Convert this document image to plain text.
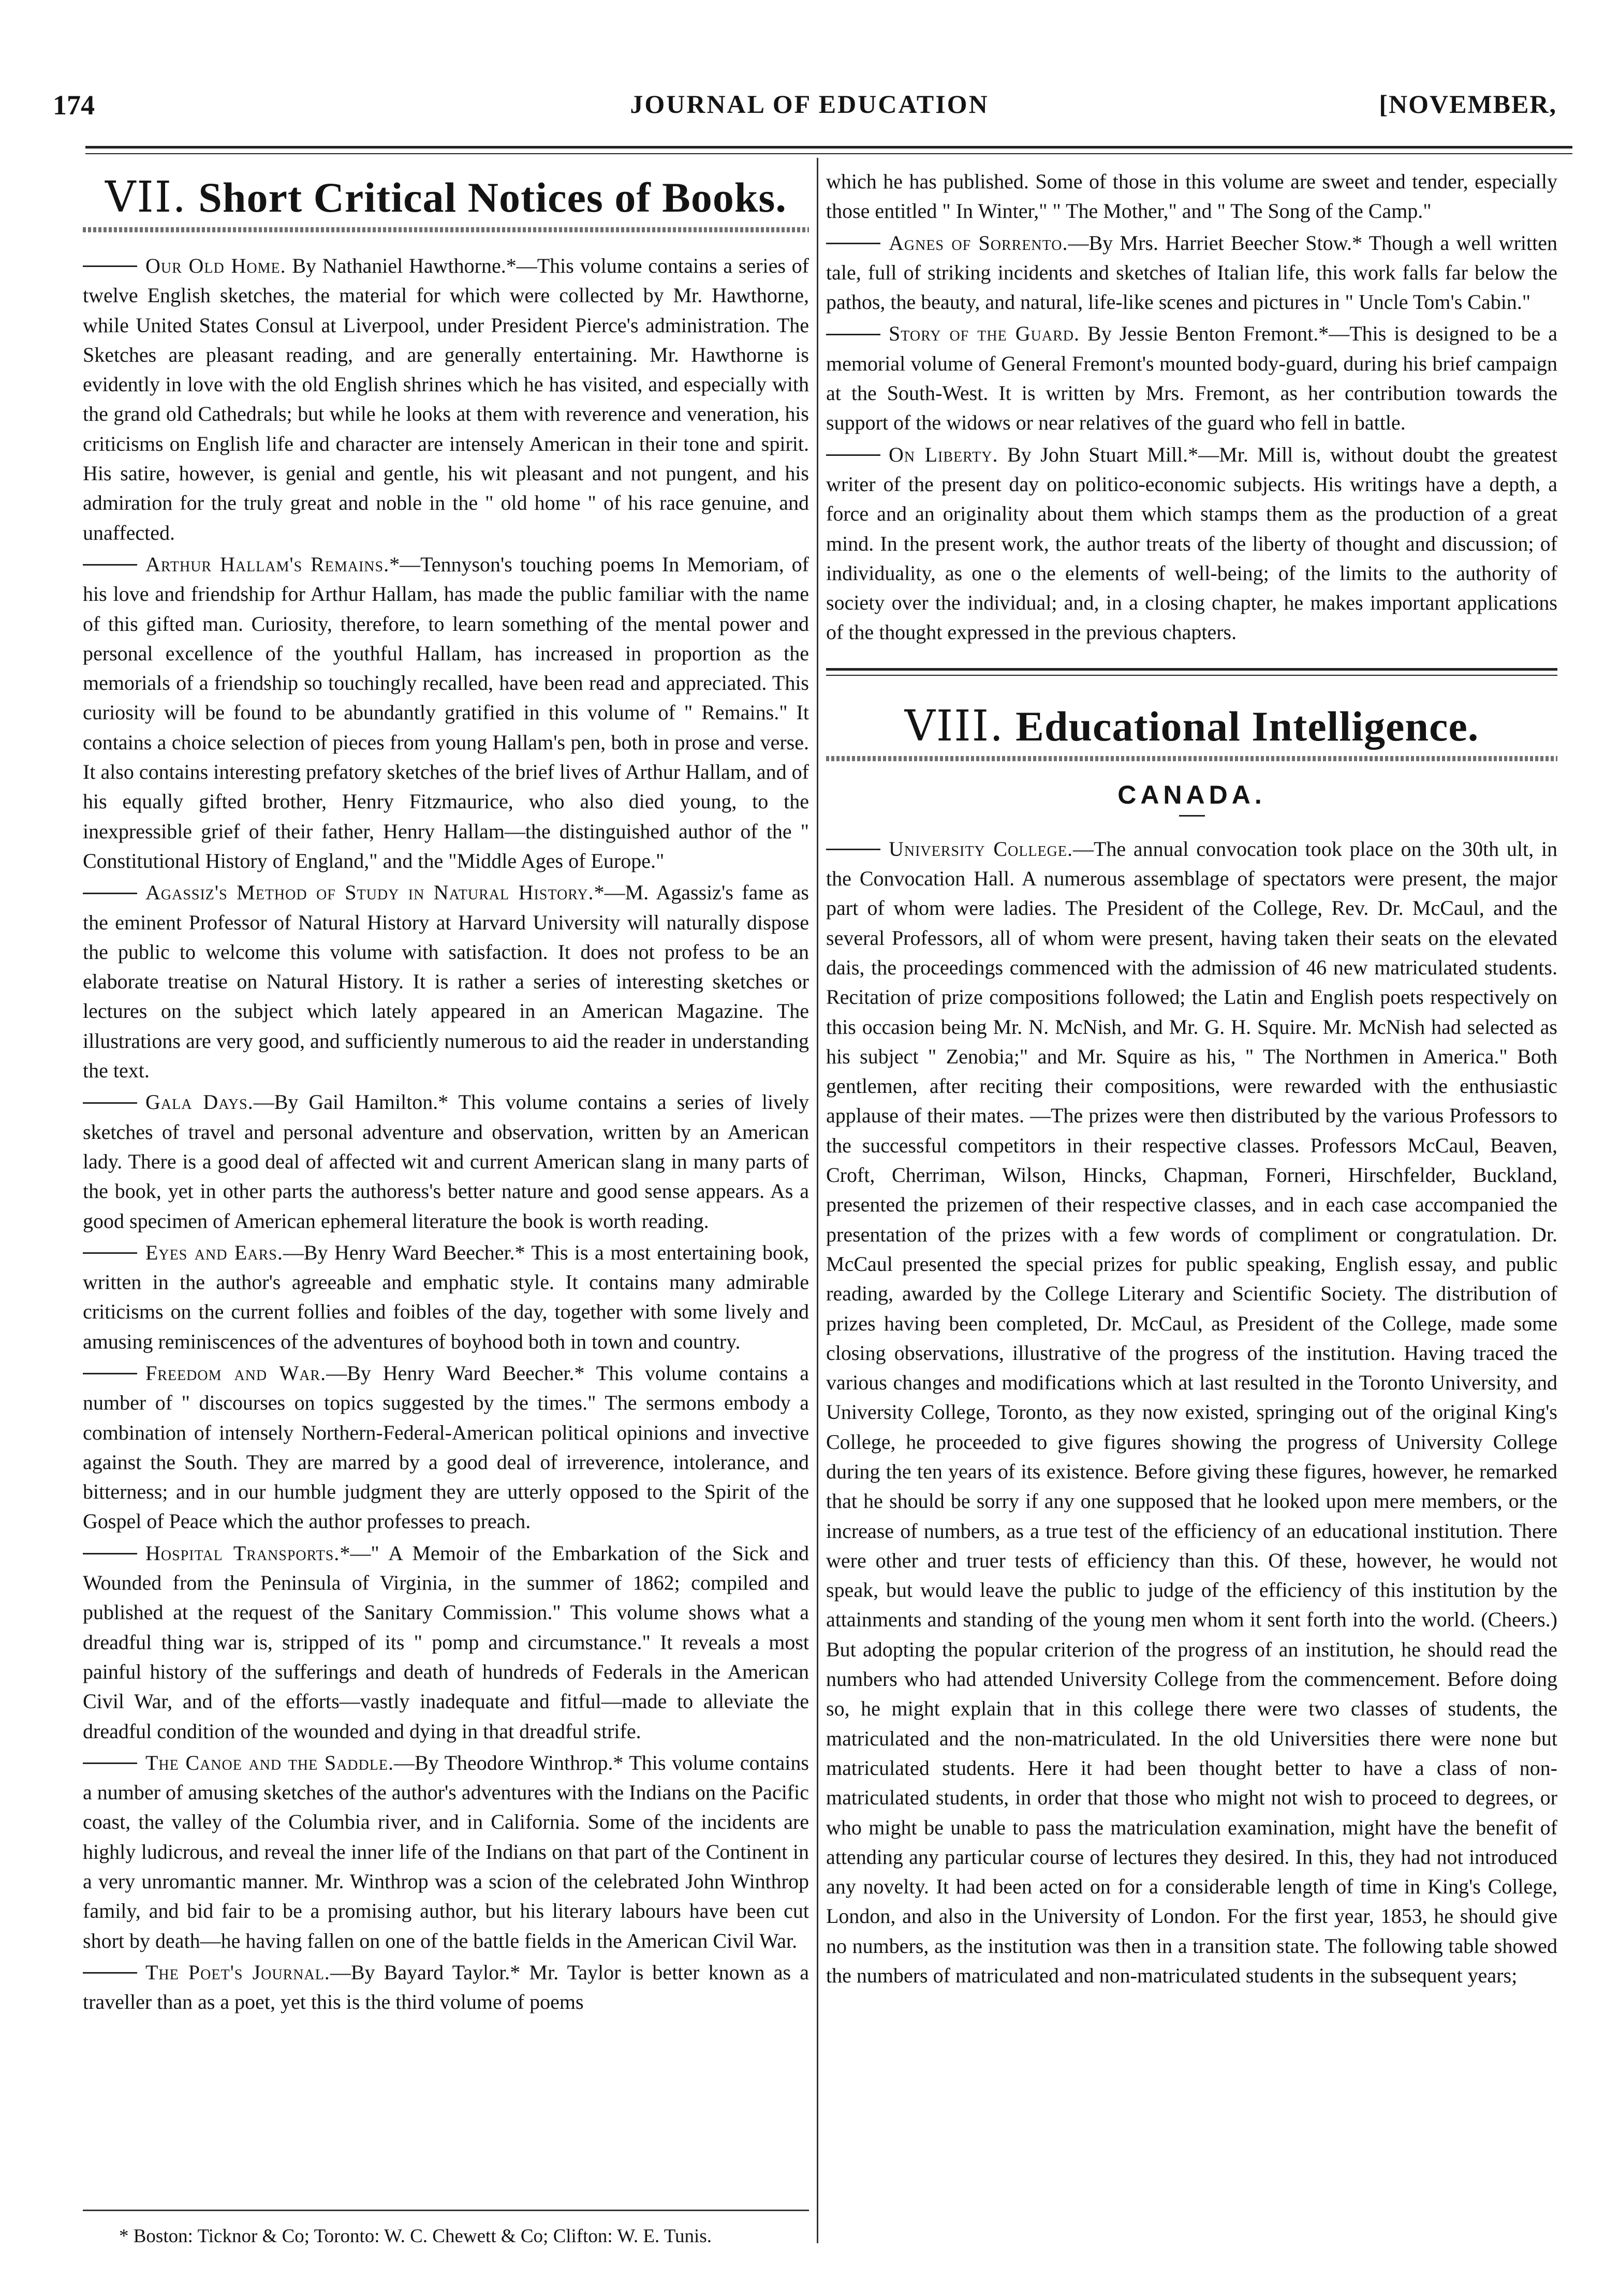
174	JOURNAL OF EDUCATION	[NOVEMBER,
VII. Short Critical Notices of Books.

Our Old Home. By Nathaniel Hawthorne.*—This volume contains a series of twelve English sketches, the material for which were collected by Mr. Hawthorne, while United States Consul at Liverpool, under President Pierce's administration. The Sketches are pleasant reading, and are generally entertaining. Mr. Hawthorne is evidently in love with the old English shrines which he has visited, and especially with the grand old Cathedrals; but while he looks at them with reverence and veneration, his criticisms on English life and character are intensely American in their tone and spirit. His satire, however, is genial and gentle, his wit pleasant and not pungent, and his admiration for the truly great and noble in the " old home " of his race genuine, and unaffected.

Arthur Hallam's Remains.*—Tennyson's touching poems In Memoriam, of his love and friendship for Arthur Hallam, has made the public familiar with the name of this gifted man. Curiosity, therefore, to learn something of the mental power and personal excellence of the youthful Hallam, has increased in proportion as the memorials of a friendship so touchingly recalled, have been read and appreciated. This curiosity will be found to be abundantly gratified in this volume of " Remains." It contains a choice selection of pieces from young Hallam's pen, both in prose and verse. It also contains interesting prefatory sketches of the brief lives of Arthur Hallam, and of his equally gifted brother, Henry Fitzmaurice, who also died young, to the inexpressible grief of their father, Henry Hallam—the distinguished author of the " Constitutional History of England," and the "Middle Ages of Europe."

Agassiz's Method of Study in Natural History.*—M. Agassiz's fame as the eminent Professor of Natural History at Harvard University will naturally dispose the public to welcome this volume with satisfaction. It does not profess to be an elaborate treatise on Natural History. It is rather a series of interesting sketches or lectures on the subject which lately appeared in an American Magazine. The illustrations are very good, and sufficiently numerous to aid the reader in understanding the text.

Gala Days.—By Gail Hamilton.* This volume contains a series of lively sketches of travel and personal adventure and observation, written by an American lady. There is a good deal of affected wit and current American slang in many parts of the book, yet in other parts the authoress's better nature and good sense appears. As a good specimen of American ephemeral literature the book is worth reading.

Eyes and Ears.—By Henry Ward Beecher.* This is a most entertaining book, written in the author's agreeable and emphatic style. It contains many admirable criticisms on the current follies and foibles of the day, together with some lively and amusing reminiscences of the adventures of boyhood both in town and country.

Freedom and War.—By Henry Ward Beecher.* This volume contains a number of " discourses on topics suggested by the times." The sermons embody a combination of intensely Northern-Federal-American political opinions and invective against the South. They are marred by a good deal of irreverence, intolerance, and bitterness; and in our humble judgment they are utterly opposed to the Spirit of the Gospel of Peace which the author professes to preach.

Hospital Transports.*—" A Memoir of the Embarkation of the Sick and Wounded from the Peninsula of Virginia, in the summer of 1862; compiled and published at the request of the Sanitary Commission." This volume shows what a dreadful thing war is, stripped of its " pomp and circumstance." It reveals a most painful history of the sufferings and death of hundreds of Federals in the American Civil War, and of the efforts—vastly inadequate and fitful—made to alleviate the dreadful condition of the wounded and dying in that dreadful strife.

The Canoe and the Saddle.—By Theodore Winthrop.* This volume contains a number of amusing sketches of the author's adventures with the Indians on the Pacific coast, the valley of the Columbia river, and in California. Some of the incidents are highly ludicrous, and reveal the inner life of the Indians on that part of the Continent in a very unromantic manner. Mr. Winthrop was a scion of the celebrated John Winthrop family, and bid fair to be a promising author, but his literary labours have been cut short by death—he having fallen on one of the battle fields in the American Civil War.

The Poet's Journal.—By Bayard Taylor.* Mr. Taylor is better known as a traveller than as a poet, yet this is the third volume of poems

which he has published. Some of those in this volume are sweet and tender, especially those entitled " In Winter," " The Mother," and " The Song of the Camp."

Agnes of Sorrento.—By Mrs. Harriet Beecher Stow.* Though a well written tale, full of striking incidents and sketches of Italian life, this work falls far below the pathos, the beauty, and natural, life-like scenes and pictures in " Uncle Tom's Cabin."

Story of the Guard. By Jessie Benton Fremont.*—This is designed to be a memorial volume of General Fremont's mounted body-guard, during his brief campaign at the South-West. It is written by Mrs. Fremont, as her contribution towards the support of the widows or near relatives of the guard who fell in battle.

On Liberty. By John Stuart Mill.*—Mr. Mill is, without doubt the greatest writer of the present day on politico-economic subjects. His writings have a depth, a force and an originality about them which stamps them as the production of a great mind. In the present work, the author treats of the liberty of thought and discussion; of individuality, as one o the elements of well-being; of the limits to the authority of society over the individual; and, in a closing chapter, he makes important applications of the thought expressed in the previous chapters.

VIII. Educational Intelligence.
CANADA.

University College.—The annual convocation took place on the 30th ult, in the Convocation Hall. A numerous assemblage of spectators were present, the major part of whom were ladies. The President of the College, Rev. Dr. McCaul, and the several Professors, all of whom were present, having taken their seats on the elevated dais, the proceedings commenced with the admission of 46 new matriculated students. Recitation of prize compositions followed; the Latin and English poets respectively on this occasion being Mr. N. McNish, and Mr. G. H. Squire. Mr. McNish had selected as his subject " Zenobia;" and Mr. Squire as his, " The Northmen in America." Both gentlemen, after reciting their compositions, were rewarded with the enthusiastic applause of their mates. —The prizes were then distributed by the various Professors to the successful competitors in their respective classes. Professors McCaul, Beaven, Croft, Cherriman, Wilson, Hincks, Chapman, Forneri, Hirschfelder, Buckland, presented the prizemen of their respective classes, and in each case accompanied the presentation of the prizes with a few words of compliment or congratulation. Dr. McCaul presented the special prizes for public speaking, English essay, and public reading, awarded by the College Literary and Scientific Society. The distribution of prizes having been completed, Dr. McCaul, as President of the College, made some closing observations, illustrative of the progress of the institution. Having traced the various changes and modifications which at last resulted in the Toronto University, and University College, Toronto, as they now existed, springing out of the original King's College, he proceeded to give figures showing the progress of University College during the ten years of its existence. Before giving these figures, however, he remarked that he should be sorry if any one supposed that he looked upon mere members, or the increase of numbers, as a true test of the efficiency of an educational institution. There were other and truer tests of efficiency than this. Of these, however, he would not speak, but would leave the public to judge of the efficiency of this institution by the attainments and standing of the young men whom it sent forth into the world. (Cheers.) But adopting the popular criterion of the progress of an institution, he should read the numbers who had attended University College from the commencement. Before doing so, he might explain that in this college there were two classes of students, the matriculated and the non-matriculated. In the old Universities there were none but matriculated students. Here it had been thought better to have a class of non-matriculated students, in order that those who might not wish to proceed to degrees, or who might be unable to pass the matriculation examination, might have the benefit of attending any particular course of lectures they desired. In this, they had not introduced any novelty. It had been acted on for a considerable length of time in King's College, London, and also in the University of London. For the first year, 1853, he should give no numbers, as the institution was then in a transition state. The following table showed the numbers of matriculated and non-matriculated students in the subsequent years;

* Boston: Ticknor & Co; Toronto: W. C. Chewett & Co; Clifton: W. E. Tunis.
